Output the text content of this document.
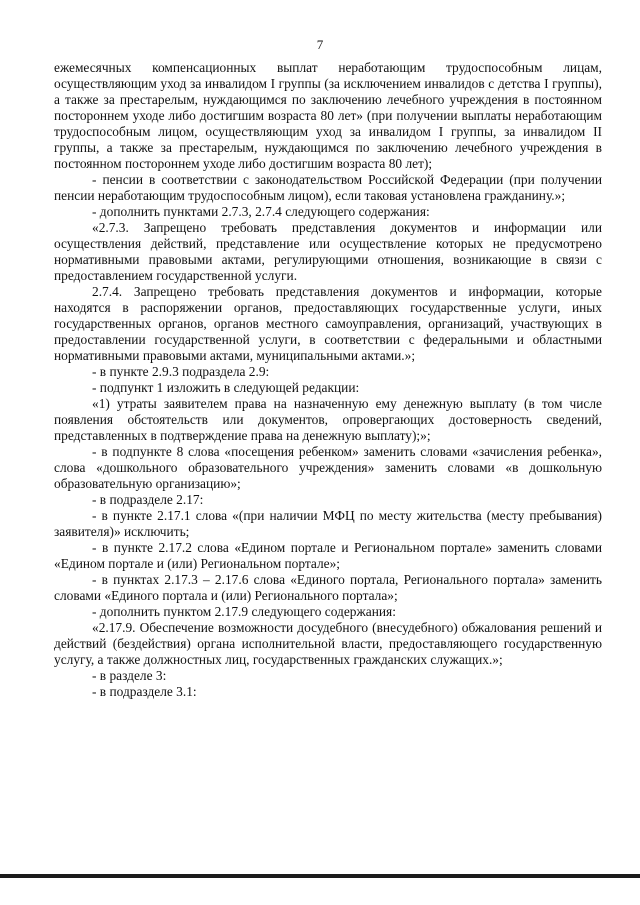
7

ежемесячных компенсационных выплат неработающим трудоспособным лицам, осуществляющим уход за инвалидом I группы (за исключением инвалидов с детства I группы), а также за престарелым, нуждающимся по заключению лечебного учреждения в постоянном постороннем уходе либо достигшим возраста 80 лет» (при получении выплаты неработающим трудоспособным лицом, осуществляющим уход за инвалидом I группы, за инвалидом II группы, а также за престарелым, нуждающимся по заключению лечебного учреждения в постоянном постороннем уходе либо достигшим возраста 80 лет);

- пенсии в соответствии с законодательством Российской Федерации (при получении пенсии неработающим трудоспособным лицом), если таковая установлена гражданину.»;

- дополнить пунктами 2.7.3, 2.7.4 следующего содержания:

«2.7.3. Запрещено требовать представления документов и информации или осуществления действий, представление или осуществление которых не предусмотрено нормативными правовыми актами, регулирующими отношения, возникающие в связи с предоставлением государственной услуги.

2.7.4. Запрещено требовать представления документов и информации, которые находятся в распоряжении органов, предоставляющих государственные услуги, иных государственных органов, органов местного самоуправления, организаций, участвующих в предоставлении государственной услуги, в соответствии с федеральными и областными нормативными правовыми актами, муниципальными актами.»;

- в пункте 2.9.3 подраздела 2.9:

- подпункт 1 изложить в следующей редакции:

«1) утраты заявителем права на назначенную ему денежную выплату (в том числе появления обстоятельств или документов, опровергающих достоверность сведений, представленных в подтверждение права на денежную выплату);»;

- в подпункте 8 слова «посещения ребенком» заменить словами «зачисления ребенка», слова «дошкольного образовательного учреждения» заменить словами «в дошкольную образовательную организацию»;

- в подразделе 2.17:

- в пункте 2.17.1 слова «(при наличии МФЦ по месту жительства (месту пребывания) заявителя)» исключить;

- в пункте 2.17.2 слова «Едином портале и Региональном портале» заменить словами «Едином портале и (или) Региональном портале»;

- в пунктах 2.17.3 – 2.17.6 слова «Единого портала, Регионального портала» заменить словами «Единого портала и (или) Регионального портала»;

- дополнить пунктом 2.17.9 следующего содержания:

«2.17.9. Обеспечение возможности досудебного (внесудебного) обжалования решений и действий (бездействия) органа исполнительной власти, предоставляющего государственную услугу, а также должностных лиц, государственных гражданских служащих.»;

- в разделе 3:

- в подразделе 3.1:
